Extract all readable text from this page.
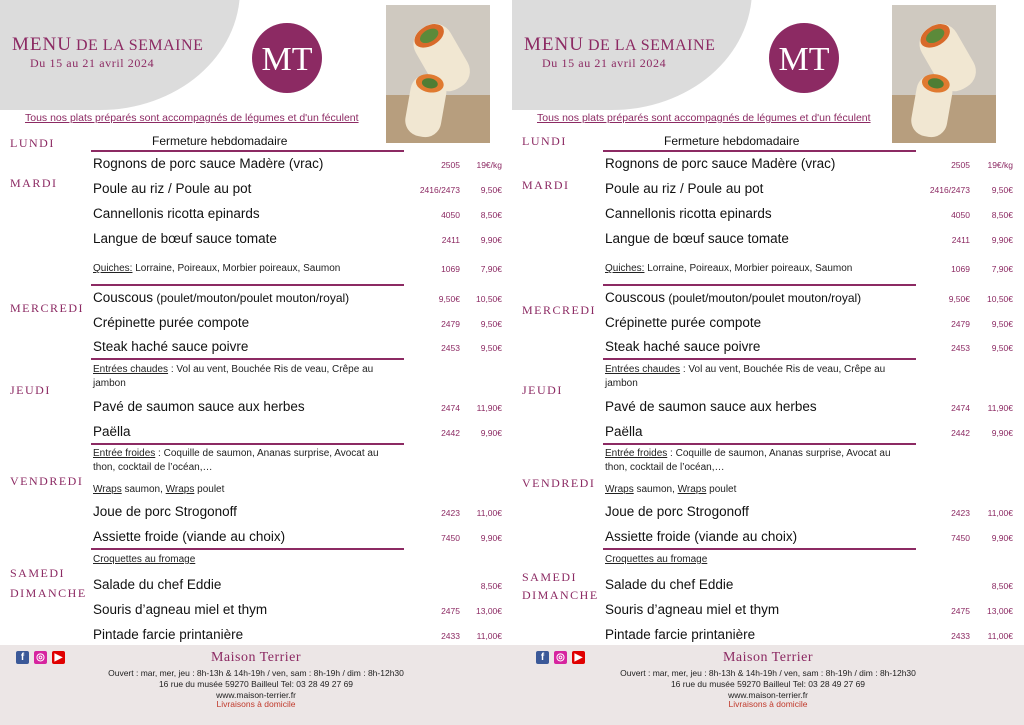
MENU DE LA SEMAINE
Du 15 au 21 avril 2024	MT
Tous nos plats préparés sont accompagnés de légumes et d'un féculent
LUNDI
MARDI
MERCREDI
JEUDI
VENDREDI
SAMEDI
DIMANCHE
Fermeture hebdomadaire
Rognons de porc sauce Madère (vrac)	2505	19€/kg
Poule au riz / Poule au pot	2416/2473	9,50€
Cannellonis ricotta epinards	4050	8,50€
Langue de bœuf sauce tomate	2411	9,90€
Quiches: Lorraine, Poireaux, Morbier poireaux, Saumon	1069	7,90€
Couscous (poulet/mouton/poulet mouton/royal)	9,50€	10,50€
Crépinette purée compote	2479	9,50€
Steak haché sauce poivre	2453	9,50€
Entrées chaudes : Vol au vent, Bouchée Ris de veau, Crêpe au jambon
Pavé de saumon sauce aux herbes	2474	11,90€
Paëlla	2442	9,90€
Entrée froides : Coquille de saumon, Ananas surprise, Avocat au thon, cocktail de l’océan,…
Wraps saumon, Wraps poulet
Joue de porc Strogonoff	2423	11,00€
Assiette froide (viande au choix)	7450	9,90€
Croquettes au fromage
Salade du chef Eddie	8,50€
Souris d’agneau miel et thym	2475	13,00€
Pintade farcie printanière	2433	11,00€
f	◎ ▶	Maison Terrier
Ouvert : mar, mer, jeu : 8h-13h & 14h-19h / ven, sam : 8h-19h / dim : 8h-12h30
16 rue du musée 59270 Bailleul Tel: 03 28 49 27 69
www.maison-terrier.fr
Livraisons à domicile
MENU DE LA SEMAINE
Du 15 au 21 avril 2024	MT
Tous nos plats préparés sont accompagnés de légumes et d'un féculent
LUNDI
MARDI
MERCREDI
JEUDI
VENDREDI
SAMEDI
DIMANCHE
Fermeture hebdomadaire
Rognons de porc sauce Madère (vrac)	2505	19€/kg
Poule au riz / Poule au pot	2416/2473	9,50€
Cannellonis ricotta epinards	4050	8,50€
Langue de bœuf sauce tomate	2411	9,90€
Quiches: Lorraine, Poireaux, Morbier poireaux, Saumon	1069	7,90€
Couscous (poulet/mouton/poulet mouton/royal)	9,50€	10,50€
Crépinette purée compote	2479	9,50€
Steak haché sauce poivre	2453	9,50€
Entrées chaudes : Vol au vent, Bouchée Ris de veau, Crêpe au jambon
Pavé de saumon sauce aux herbes	2474	11,90€
Paëlla	2442	9,90€
Entrée froides : Coquille de saumon, Ananas surprise, Avocat au thon, cocktail de l’océan,…
Wraps saumon, Wraps poulet
Joue de porc Strogonoff	2423	11,00€
Assiette froide (viande au choix)	7450	9,90€
Croquettes au fromage
Salade du chef Eddie	8,50€
Souris d’agneau miel et thym	2475	13,00€
Pintade farcie printanière	2433	11,00€
f	◎ ▶	Maison Terrier
Ouvert : mar, mer, jeu : 8h-13h & 14h-19h / ven, sam : 8h-19h / dim : 8h-12h30
16 rue du musée 59270 Bailleul Tel: 03 28 49 27 69
www.maison-terrier.fr
Livraisons à domicile
